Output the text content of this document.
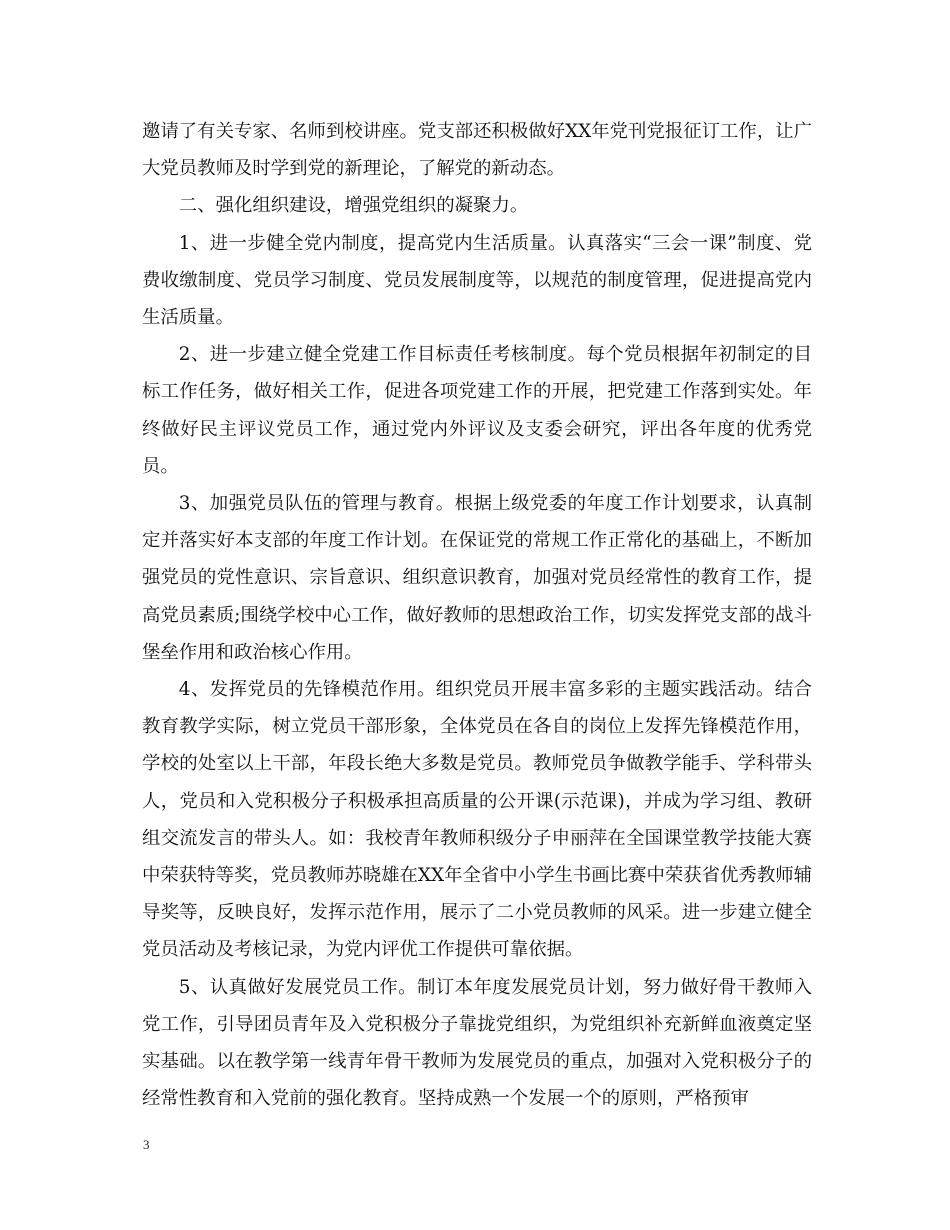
邀请了有关专家、名师到校讲座。党支部还积极做好XX年党刊党报征订工作，让广大党员教师及时学到党的新理论，了解党的新动态。

二、强化组织建设，增强党组织的凝聚力。

1、进一步健全党内制度，提高党内生活质量。认真落实“三会一课”制度、党费收缴制度、党员学习制度、党员发展制度等，以规范的制度管理，促进提高党内生活质量。

2、进一步建立健全党建工作目标责任考核制度。每个党员根据年初制定的目标工作任务，做好相关工作，促进各项党建工作的开展，把党建工作落到实处。年终做好民主评议党员工作，通过党内外评议及支委会研究，评出各年度的优秀党员。

3、加强党员队伍的管理与教育。根据上级党委的年度工作计划要求，认真制定并落实好本支部的年度工作计划。在保证党的常规工作正常化的基础上，不断加强党员的党性意识、宗旨意识、组织意识教育，加强对党员经常性的教育工作，提高党员素质;围绕学校中心工作，做好教师的思想政治工作，切实发挥党支部的战斗堡垒作用和政治核心作用。

4、发挥党员的先锋模范作用。组织党员开展丰富多彩的主题实践活动。结合教育教学实际，树立党员干部形象，全体党员在各自的岗位上发挥先锋模范作用，学校的处室以上干部，年段长绝大多数是党员。教师党员争做教学能手、学科带头人，党员和入党积极分子积极承担高质量的公开课(示范课)，并成为学习组、教研组交流发言的带头人。如：我校青年教师积级分子申丽萍在全国课堂教学技能大赛中荣获特等奖，党员教师苏晓雄在XX年全省中小学生书画比赛中荣获省优秀教师辅导奖等，反映良好，发挥示范作用，展示了二小党员教师的风采。进一步建立健全党员活动及考核记录，为党内评优工作提供可靠依据。

5、认真做好发展党员工作。制订本年度发展党员计划，努力做好骨干教师入党工作，引导团员青年及入党积极分子靠拢党组织，为党组织补充新鲜血液奠定坚实基础。以在教学第一线青年骨干教师为发展党员的重点，加强对入党积极分子的经常性教育和入党前的强化教育。坚持成熟一个发展一个的原则，严格预审

3
